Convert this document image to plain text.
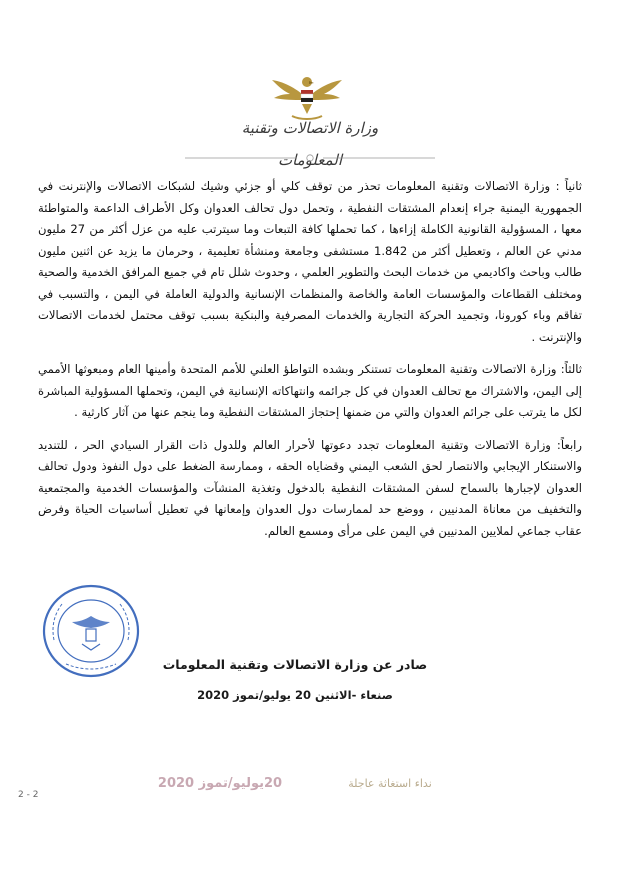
وزارة الاتصالات وتقنية المعلومات

ثانياً : وزارة الاتصالات وتقنية المعلومات تحذر من توقف كلي أو جزئي وشيك لشبكات الاتصالات والإنترنت في الجمهورية اليمنية جراء إنعدام المشتقات النفطية ، وتحمل دول تحالف العدوان وكل الأطراف الداعمة والمتواطئة معها ، المسؤولية القانونية الكاملة إزاءها ، كما تحملها كافة التبعات وما سيترتب عليه من عزل أكثر من 27 مليون مدني عن العالم ، وتعطيل أكثر من 1.842 مستشفى وجامعة ومنشأة تعليمية ، وحرمان ما يزيد عن اثنين مليون طالب وباحث واكاديمي من خدمات البحث والتطوير العلمي ، وحدوث شلل تام في جميع المرافق الخدمية والصحية ومختلف القطاعات والمؤسسات العامة والخاصة والمنظمات الإنسانية والدولية العاملة في اليمن ، والتسبب في تفاقم وباء كورونا، وتجميد الحركة التجارية والخدمات المصرفية والبنكية بسبب توقف محتمل لخدمات الاتصالات والإنترنت .

ثالثاً: وزارة الاتصالات وتقنية المعلومات تستنكر وبشده التواطؤ العلني للأمم المتحدة وأمينها العام ومبعوثها الأممي إلى اليمن، والاشتراك مع تحالف العدوان في كل جرائمه وانتهاكاته الإنسانية في اليمن، وتحملها المسؤولية المباشرة لكل ما يترتب على جرائم العدوان والتي من ضمنها إحتجاز المشتقات النفطية وما ينجم عنها من آثار كارثية .

رابعاً: وزارة الاتصالات وتقنية المعلومات تجدد دعوتها لأحرار العالم وللدول ذات القرار السيادي الحر ، للتنديد والاستنكار الإيجابي والانتصار لحق الشعب اليمني وقضاياه الحقه ، وممارسة الضغط على دول النفوذ ودول تحالف العدوان لإجبارها بالسماح لسفن المشتقات النفطية بالدخول وتغذية المنشآت والمؤسسات الخدمية والمجتمعية والتخفيف من معاناة المدنيين ، ووضع حد لممارسات دول العدوان وإمعانها في تعطيل أساسيات الحياة وفرض عقاب جماعي لملايين المدنيين في اليمن على مرأى ومسمع العالم.

صادر عن وزارة الاتصالات وتقنية المعلومات
صنعاء -الاثنين 20 يوليو/تموز 2020
نداء استغاثة عاجلة
20يوليو/تموز 2020
2 - 2
